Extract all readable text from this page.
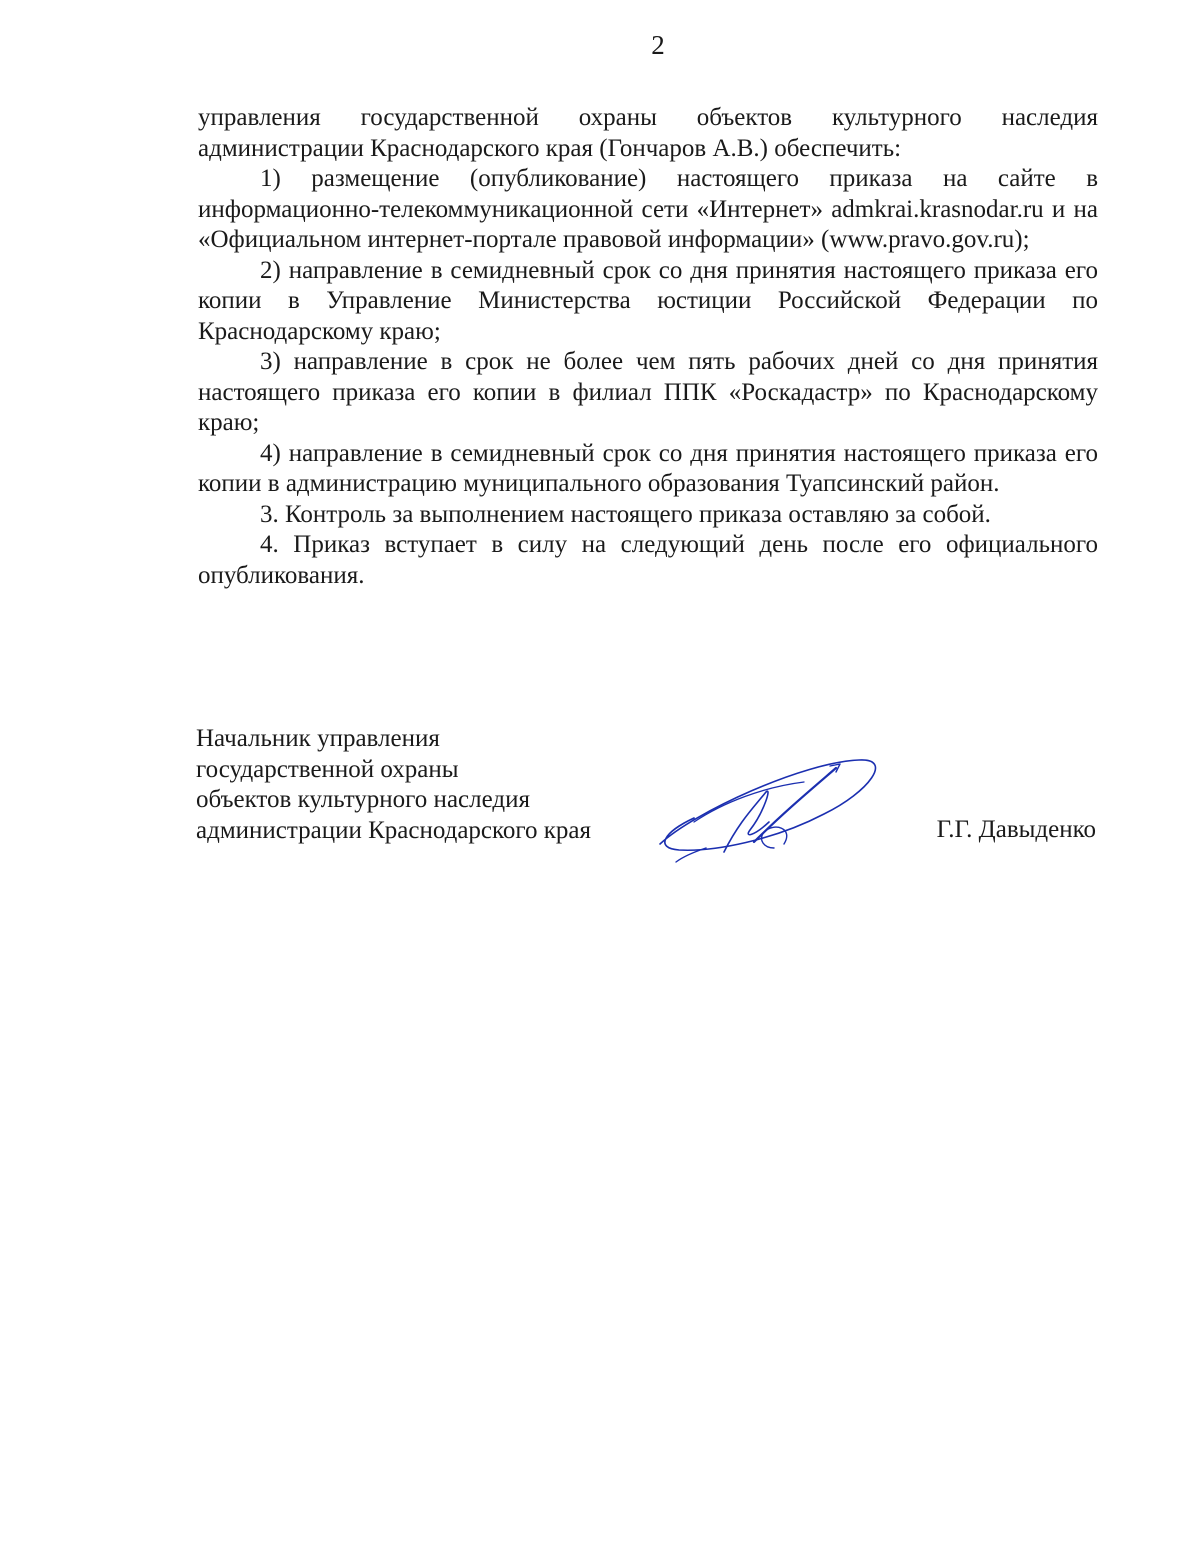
2

управления государственной охраны объектов культурного наследия администрации Краснодарского края (Гончаров А.В.) обеспечить:

1) размещение (опубликование) настоящего приказа на сайте в информационно-телекоммуникационной сети «Интернет» admkrai.krasnodar.ru и на «Официальном интернет-портале правовой информации» (www.pravo.gov.ru);

2) направление в семидневный срок со дня принятия настоящего приказа его копии в Управление Министерства юстиции Российской Федерации по Краснодарскому краю;

3) направление в срок не более чем пять рабочих дней со дня принятия настоящего приказа его копии в филиал ППК «Роскадастр» по Краснодарскому краю;

4) направление в семидневный срок со дня принятия настоящего приказа его копии в администрацию муниципального образования Туапсинский район.

3. Контроль за выполнением настоящего приказа оставляю за собой.

4. Приказ вступает в силу на следующий день после его официального опубликования.

Начальник управления
государственной охраны
объектов культурного наследия
администрации Краснодарского края	Г.Г. Давыденко
